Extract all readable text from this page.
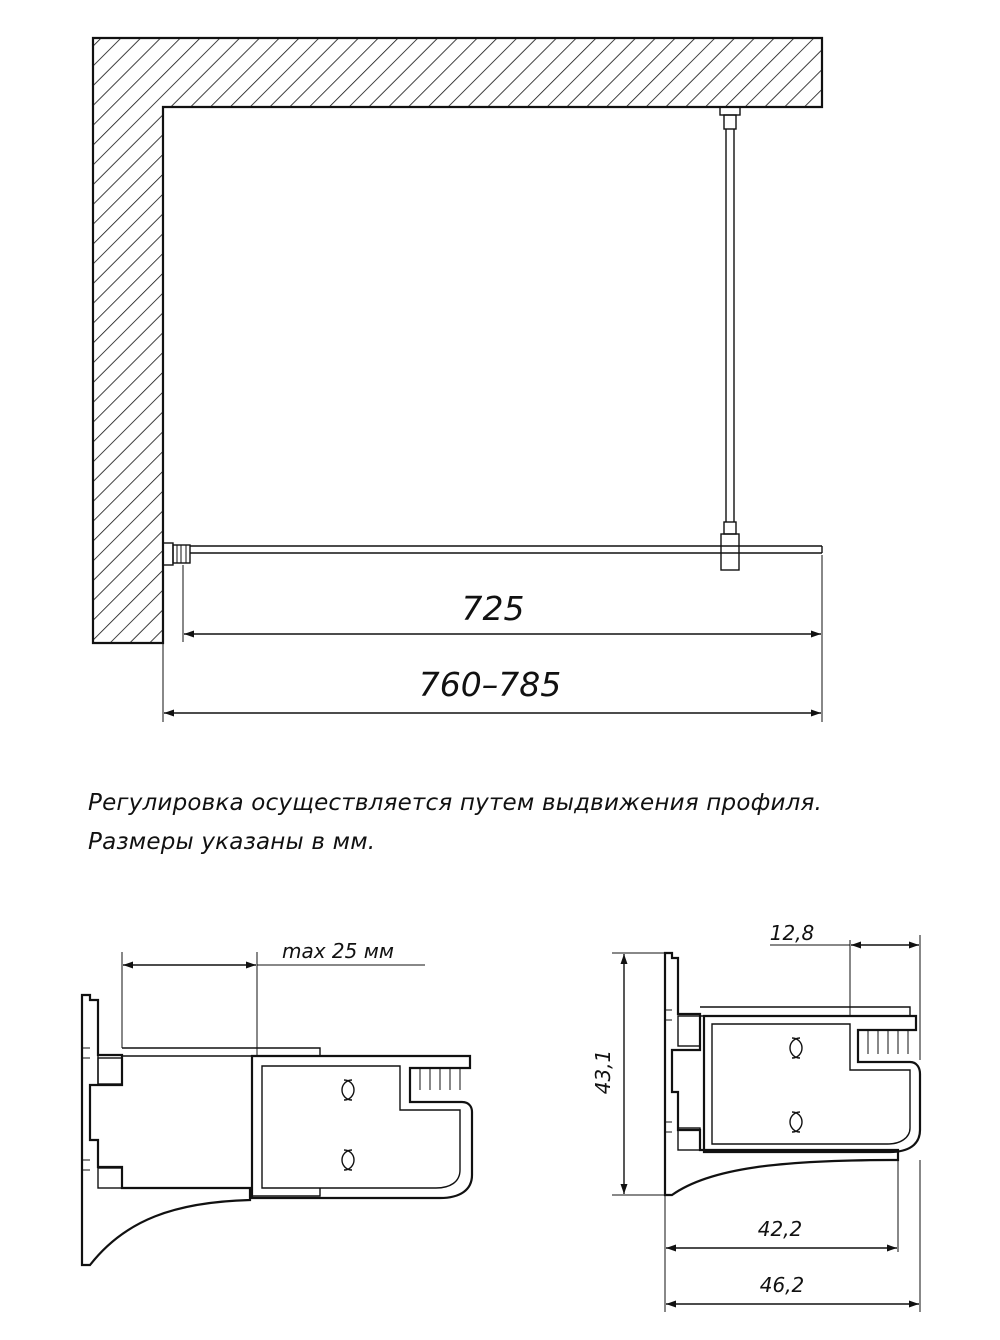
725
760–785
max 25 мм
43,1
12,8
42,2
46,2

Регулировка осуществляется путем выдвижения профиля.

Размеры указаны в мм.
